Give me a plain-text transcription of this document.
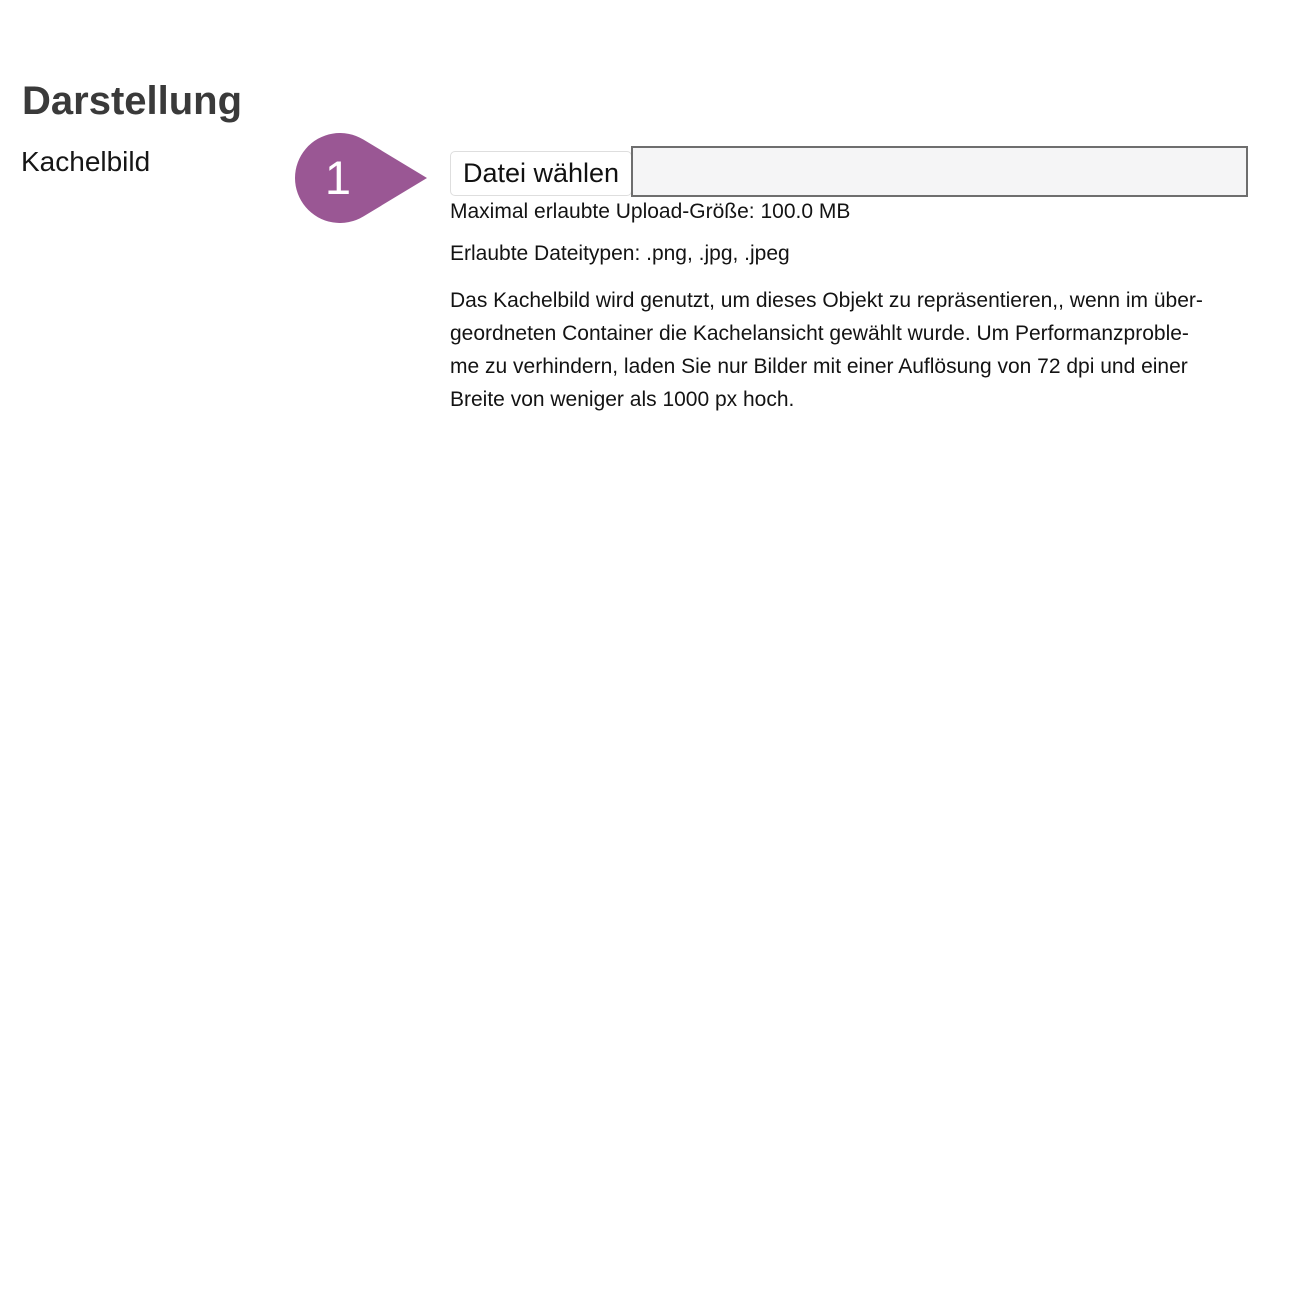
Darstellung
Kachelbild	1	Datei wählen
Maximal erlaubte Upload-Größe: 100.0 MB
Erlaubte Dateitypen: .png, .jpg, .jpeg
Das Kachelbild wird genutzt, um dieses Objekt zu repräsentieren,, wenn im über-
geordneten Container die Kachelansicht gewählt wurde. Um Performanzproble-
me zu verhindern, laden Sie nur Bilder mit einer Auflösung von 72 dpi und einer
Breite von weniger als 1000 px hoch.
